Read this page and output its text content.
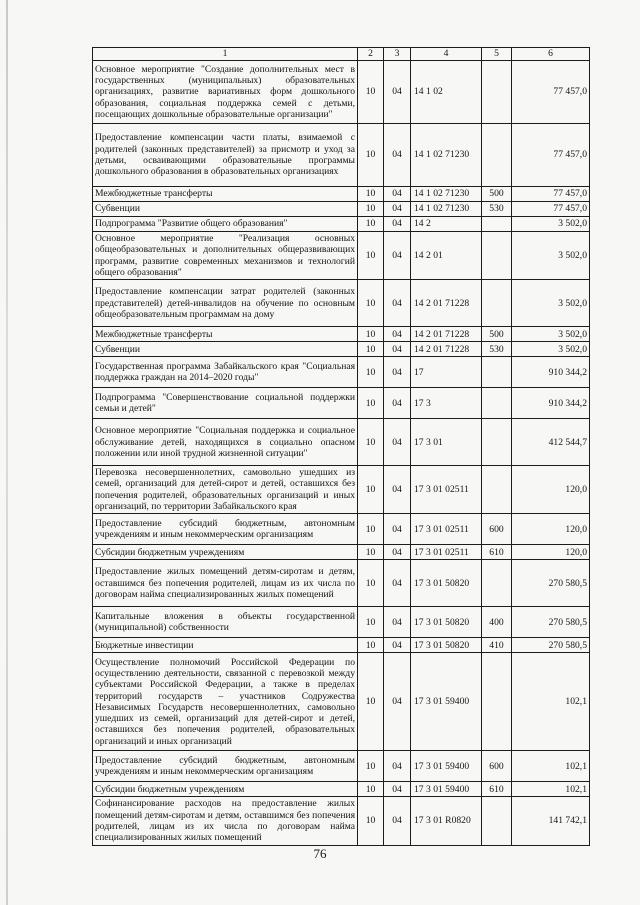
1	2	3	4	5	6
Основное мероприятие "Создание дополнительных мест в государственных (муниципальных) образовательных организациях, развитие вариативных форм дошкольного образования, социальная поддержка семей с детьми, посещающих дошкольные образовательные организации"	10	04	14 1 02		77 457,0
Предоставление компенсации части платы, взимаемой с родителей (законных представителей) за присмотр и уход за детьми, осваивающими образовательные программы дошкольного образования в образовательных организациях	10	04	14 1 02 71230		77 457,0
Межбюджетные трансферты	10	04	14 1 02 71230	500	77 457,0
Субвенции	10	04	14 1 02 71230	530	77 457,0
Подпрограмма "Развитие общего образования"	10	04	14 2		3 502,0
Основное мероприятие "Реализация основных общеобразовательных и дополнительных общеразвивающих программ, развитие современных механизмов и технологий общего образования"	10	04	14 2 01		3 502,0
Предоставление компенсации затрат родителей (законных представителей) детей-инвалидов на обучение по основным общеобразовательным программам на дому	10	04	14 2 01 71228		3 502,0
Межбюджетные трансферты	10	04	14 2 01 71228	500	3 502,0
Субвенции	10	04	14 2 01 71228	530	3 502,0
Государственная программа Забайкальского края "Социальная поддержка граждан на 2014–2020 годы"	10	04	17		910 344,2
Подпрограмма "Совершенствование социальной поддержки семьи и детей"	10	04	17 3		910 344,2
Основное мероприятие "Социальная поддержка и социальное обслуживание детей, находящихся в социально опасном положении или иной трудной жизненной ситуации"	10	04	17 3 01		412 544,7
Перевозка несовершеннолетних, самовольно ушедших из семей, организаций для детей-сирот и детей, оставшихся без попечения родителей, образовательных организаций и иных организаций, по территории Забайкальского края	10	04	17 3 01 02511		120,0
Предоставление субсидий бюджетным, автономным учреждениям и иным некоммерческим организациям	10	04	17 3 01 02511	600	120,0
Субсидии бюджетным учреждениям	10	04	17 3 01 02511	610	120,0
Предоставление жилых помещений детям-сиротам и детям, оставшимся без попечения родителей, лицам из их числа по договорам найма специализированных жилых помещений	10	04	17 3 01 50820		270 580,5
Капитальные вложения в объекты государственной (муниципальной) собственности	10	04	17 3 01 50820	400	270 580,5
Бюджетные инвестиции	10	04	17 3 01 50820	410	270 580,5
Осуществление полномочий Российской Федерации по осуществлению деятельности, связанной с перевозкой между субъектами Российской Федерации, а также в пределах территорий государств – участников Содружества Независимых Государств несовершеннолетних, самовольно ушедших из семей, организаций для детей-сирот и детей, оставшихся без попечения родителей, образовательных организаций и иных организаций	10	04	17 3 01 59400		102,1
Предоставление субсидий бюджетным, автономным учреждениям и иным некоммерческим организациям	10	04	17 3 01 59400	600	102,1
Субсидии бюджетным учреждениям	10	04	17 3 01 59400	610	102,1
Софинансирование расходов на предоставление жилых помещений детям-сиротам и детям, оставшимся без попечения родителей, лицам из их числа по договорам найма специализированных жилых помещений	10	04	17 3 01 R0820		141 742,1
76
